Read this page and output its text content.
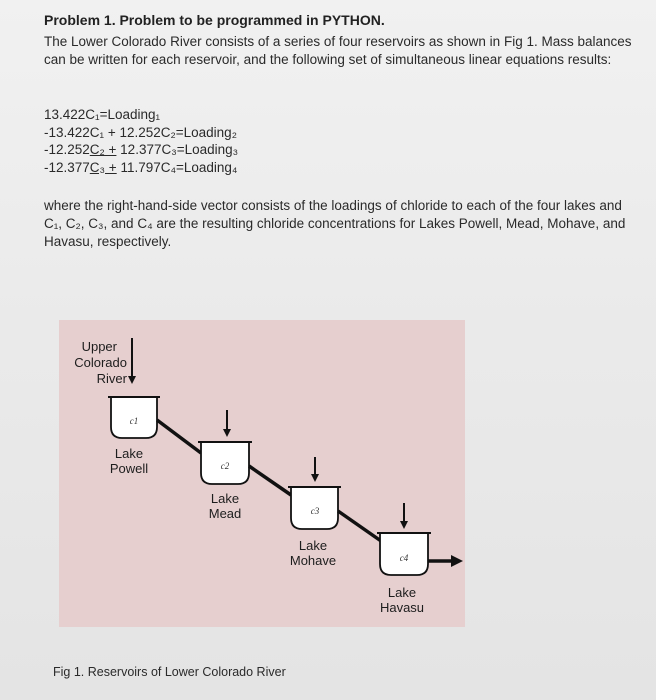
Problem 1. Problem to be programmed in PYTHON.
The Lower Colorado River consists of a series of four reservoirs as shown in Fig 1. Mass balances can be written for each reservoir, and the following set of simultaneous linear equations results:
13.422C₁=Loading₁
-13.422C₁ + 12.252C₂=Loading₂
-12.252C₂ + 12.377C₃=Loading₃
-12.377C₃ + 11.797C₄=Loading₄
where the right-hand-side vector consists of the loadings of chloride to each of the four lakes and C₁, C₂, C₃, and C₄ are the resulting chloride concentrations for Lakes Powell, Mead, Mohave, and Havasu, respectively.
Upper
Colorado
River
c1
Lake
Powell	c2
Lake
Mead	c3
Lake
Mohave	c4
Lake
Havasu
Fig 1. Reservoirs of Lower Colorado River
